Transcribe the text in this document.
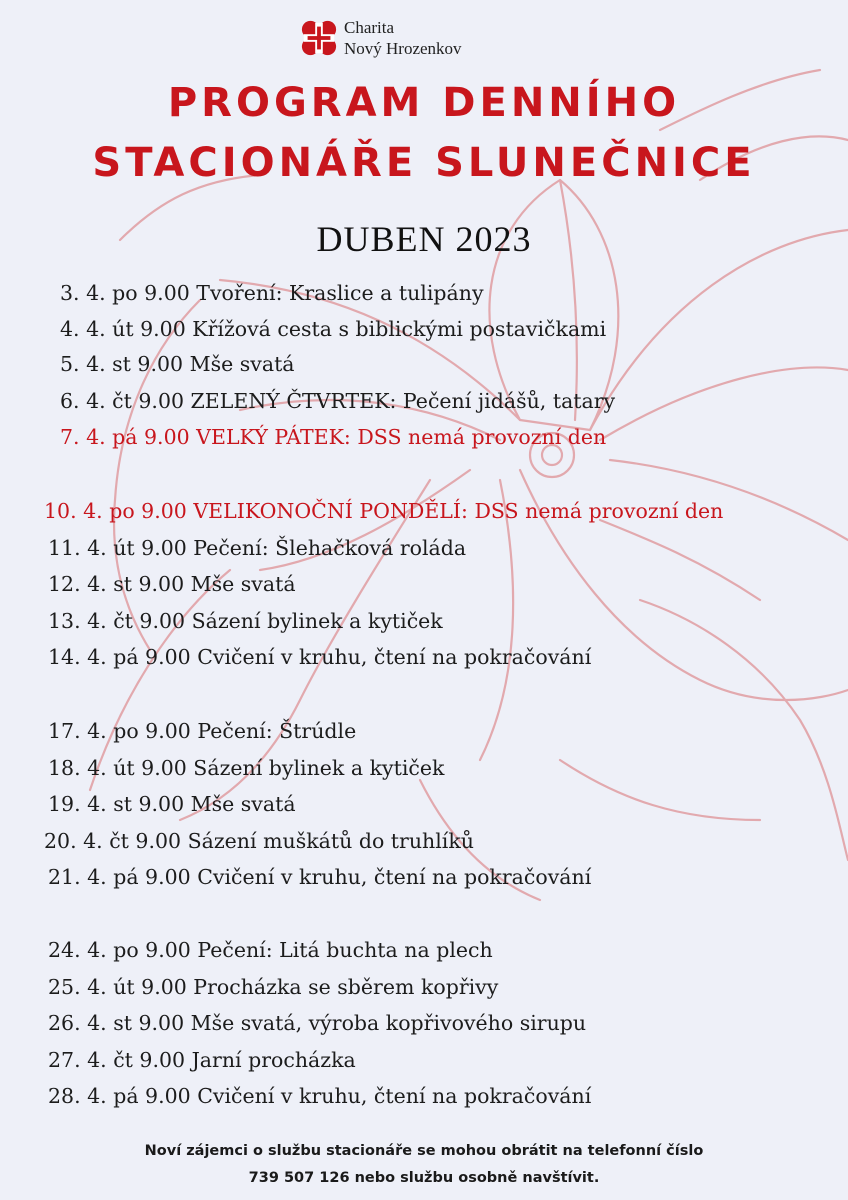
Charita
Nový Hrozenkov
PROGRAM DENNÍHO
STACIONÁŘE SLUNEČNICE
DUBEN 2023
3. 4. po 9.00 Tvoření: Kraslice a tulipány
4. 4. út 9.00 Křížová cesta s biblickými postavičkami
5. 4. st 9.00 Mše svatá
6. 4. čt 9.00 ZELENÝ ČTVRTEK: Pečení jidášů, tatary
7. 4. pá 9.00 VELKÝ PÁTEK: DSS nemá provozní den
10. 4. po 9.00 VELIKONOČNÍ PONDĚLÍ: DSS nemá provozní den
11. 4. út 9.00 Pečení: Šlehačková roláda
12. 4. st 9.00 Mše svatá
13. 4. čt 9.00 Sázení bylinek a kytiček
14. 4. pá 9.00 Cvičení v kruhu, čtení na pokračování
17. 4. po 9.00 Pečení: Štrúdle
18. 4. út 9.00 Sázení bylinek a kytiček
19. 4. st 9.00 Mše svatá
20. 4. čt 9.00 Sázení muškátů do truhlíků
21. 4. pá 9.00 Cvičení v kruhu, čtení na pokračování
24. 4. po 9.00 Pečení: Litá buchta na plech
25. 4. út 9.00 Procházka se sběrem kopřivy
26. 4. st 9.00 Mše svatá, výroba kopřivového sirupu
27. 4. čt 9.00 Jarní procházka
28. 4. pá 9.00 Cvičení v kruhu, čtení na pokračování
Noví zájemci o službu stacionáře se mohou obrátit na telefonní číslo
739 507 126 nebo službu osobně navštívit.
